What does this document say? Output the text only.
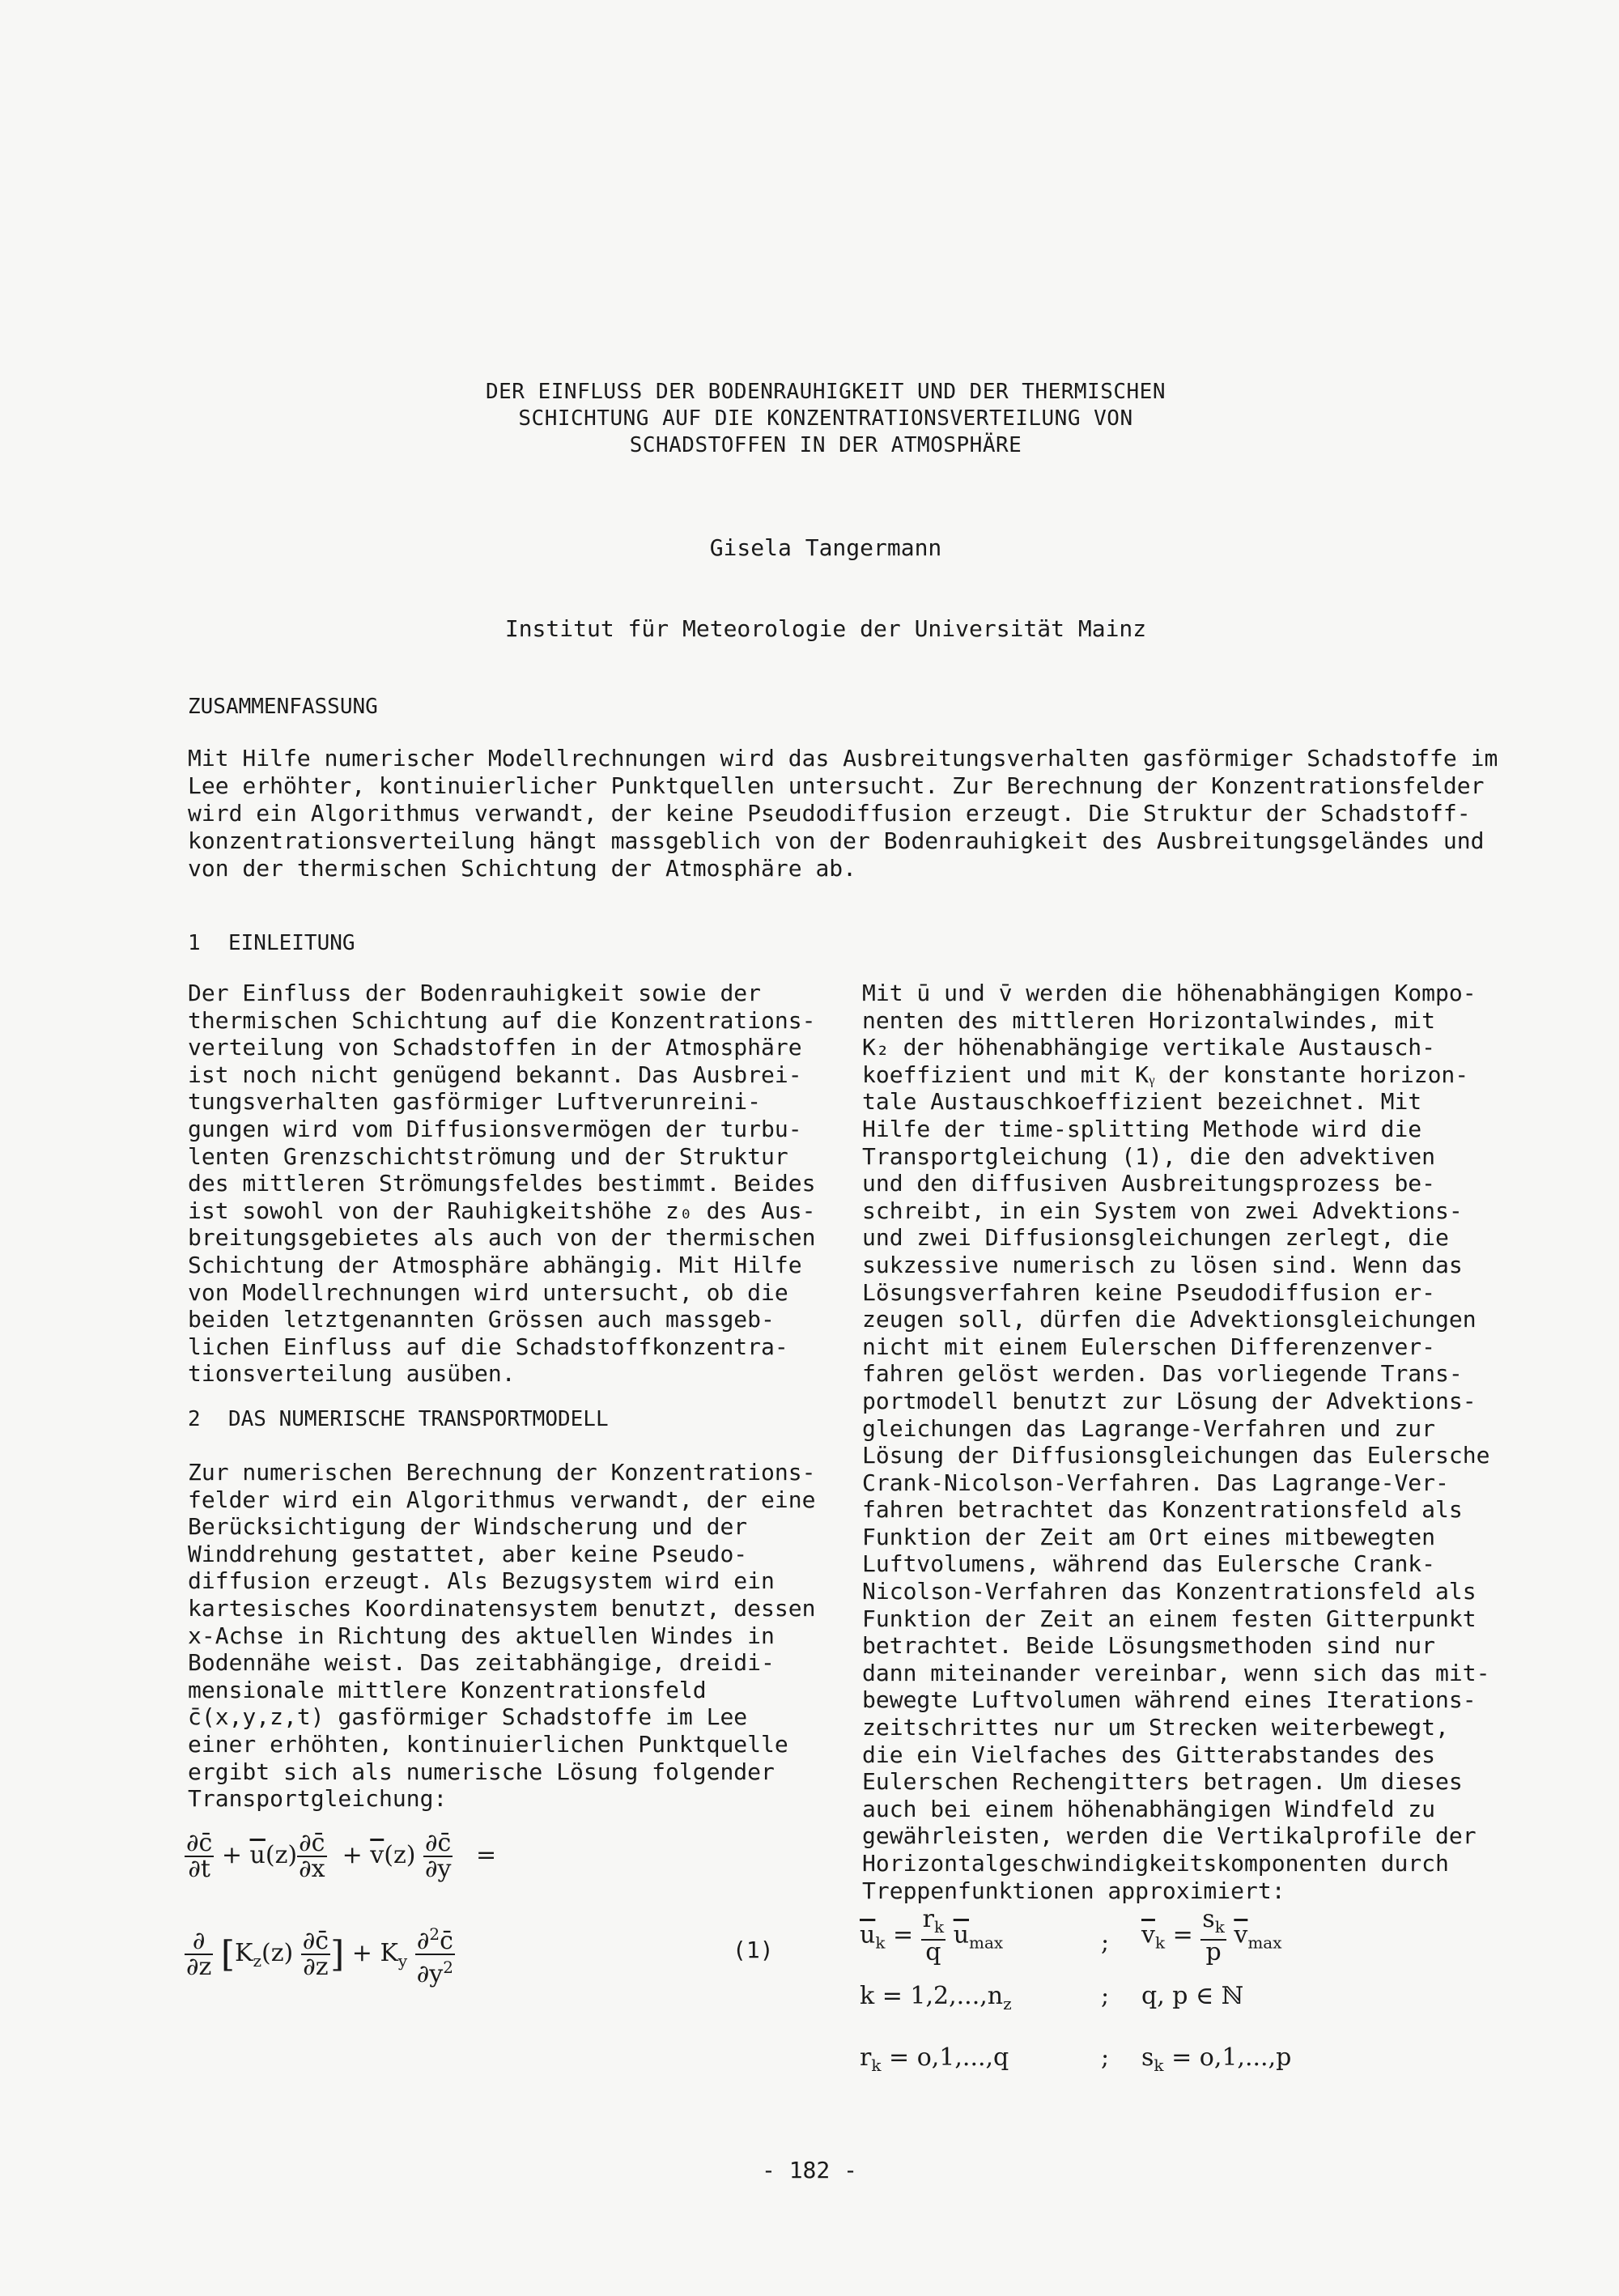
DER EINFLUSS DER BODENRAUHIGKEIT UND DER THERMISCHEN
SCHICHTUNG AUF DIE KONZENTRATIONSVERTEILUNG VON
SCHADSTOFFEN IN DER ATMOSPHÄRE
Gisela Tangermann
Institut für Meteorologie der Universität Mainz
ZUSAMMENFASSUNG
Mit Hilfe numerischer Modellrechnungen wird das Ausbreitungsverhalten gasförmiger Schadstoffe im
Lee erhöhter, kontinuierlicher Punktquellen untersucht. Zur Berechnung der Konzentrationsfelder
wird ein Algorithmus verwandt, der keine Pseudodiffusion erzeugt. Die Struktur der Schadstoff-
konzentrationsverteilung hängt massgeblich von der Bodenrauhigkeit des Ausbreitungsgeländes und
von der thermischen Schichtung der Atmosphäre ab.
1 EINLEITUNG
Der Einfluss der Bodenrauhigkeit sowie der
thermischen Schichtung auf die Konzentrations-
verteilung von Schadstoffen in der Atmosphäre
ist noch nicht genügend bekannt. Das Ausbrei-
tungsverhalten gasförmiger Luftverunreini-
gungen wird vom Diffusionsvermögen der turbu-
lenten Grenzschichtströmung und der Struktur
des mittleren Strömungsfeldes bestimmt. Beides
ist sowohl von der Rauhigkeitshöhe z₀ des Aus-
breitungsgebietes als auch von der thermischen
Schichtung der Atmosphäre abhängig. Mit Hilfe
von Modellrechnungen wird untersucht, ob die
beiden letztgenannten Grössen auch massgeb-
lichen Einfluss auf die Schadstoffkonzentra-
tionsverteilung ausüben.
2 DAS NUMERISCHE TRANSPORTMODELL
Zur numerischen Berechnung der Konzentrations-
felder wird ein Algorithmus verwandt, der eine
Berücksichtigung der Windscherung und der
Winddrehung gestattet, aber keine Pseudo-
diffusion erzeugt. Als Bezugsystem wird ein
kartesisches Koordinatensystem benutzt, dessen
x-Achse in Richtung des aktuellen Windes in
Bodennähe weist. Das zeitabhängige, dreidi-
mensionale mittlere Konzentrationsfeld
c̄(x,y,z,t) gasförmiger Schadstoffe im Lee
einer erhöhten, kontinuierlichen Punktquelle
ergibt sich als numerische Lösung folgender
Transportgleichung:
$\frac{\partial c̄}{\partial t} + \overline{u}(z) \frac{\partial c̄}{\partial x} + \overline{v}(z) \frac{\partial c̄}{\partial y}$ =
$\frac{\partial}{\partial z} [K_z(z) \frac{\partial c̄}{\partial z}$ ] + $K_y \frac{\partial^2c̄}{\partial y^2}$	(1)
Mit ū und v̄ werden die höhenabhängigen Kompo-
nenten des mittleren Horizontalwindes, mit
K₂ der höhenabhängige vertikale Austausch-
koeffizient und mit Kᵧ der konstante horizon-
tale Austauschkoeffizient bezeichnet. Mit
Hilfe der time-splitting Methode wird die
Transportgleichung (1), die den advektiven
und den diffusiven Ausbreitungsprozess be-
schreibt, in ein System von zwei Advektions-
und zwei Diffusionsgleichungen zerlegt, die
sukzessive numerisch zu lösen sind. Wenn das
Lösungsverfahren keine Pseudodiffusion er-
zeugen soll, dürfen die Advektionsgleichungen
nicht mit einem Eulerschen Differenzenver-
fahren gelöst werden. Das vorliegende Trans-
portmodell benutzt zur Lösung der Advektions-
gleichungen das Lagrange-Verfahren und zur
Lösung der Diffusionsgleichungen das Eulersche
Crank-Nicolson-Verfahren. Das Lagrange-Ver-
fahren betrachtet das Konzentrationsfeld als
Funktion der Zeit am Ort eines mitbewegten
Luftvolumens, während das Eulersche Crank-
Nicolson-Verfahren das Konzentrationsfeld als
Funktion der Zeit an einem festen Gitterpunkt
betrachtet. Beide Lösungsmethoden sind nur
dann miteinander vereinbar, wenn sich das mit-
bewegte Luftvolumen während eines Iterations-
zeitschrittes nur um Strecken weiterbewegt,
die ein Vielfaches des Gitterabstandes des
Eulerschen Rechengitters betragen. Um dieses
auch bei einem höhenabhängigen Windfeld zu
gewährleisten, werden die Vertikalprofile der
Horizontalgeschwindigkeitskomponenten durch
Treppenfunktionen approximiert:
$\overline{u}_k = \frac{r_k}{q} \overline{u}_{max}$	; $\overline{v}_k = \frac{s_k}{p} \overline{v}_{max}$
$k = 1,2,...,n_z$	; q, p ∈ ℕ
$r_k = o,1,...,q$	; $s_k = o,1,...,p$
- 182 -
